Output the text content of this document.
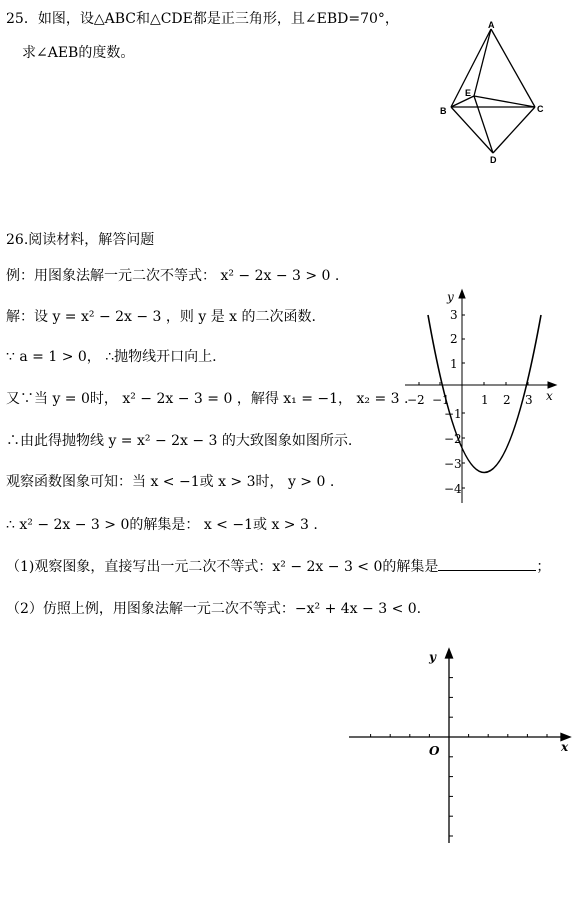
25．如图，设△ABC和△CDE都是正三角形，且∠EBD=70°，
求∠AEB的度数。
A
B	C
D
E
26.阅读材料，解答问题
例：用图象法解一元二次不等式： x² − 2x − 3 > 0 .
解：设 y = x² − 2x − 3 ，则 y 是 x 的二次函数.
∵ a = 1 > 0， ∴抛物线开口向上.
又∵当 y = 0时， x² − 2x − 3 = 0 ，解得 x₁ = −1， x₂ = 3 .
∴由此得抛物线 y = x² − 2x − 3 的大致图象如图所示.
观察函数图象可知：当 x < −1或 x > 3时， y > 0 .
∴ x² − 2x − 3 > 0的解集是： x < −1或 x > 3 .
（1)观察图象，直接写出一元二次不等式：x² − 2x − 3 < 0的解集是	；
（2）仿照上例，用图象法解一元二次不等式：−x² + 4x − 3 < 0.
y
x
−2 −1	1 2 3
3
2
1
−1
−2
−3
−4
y
x
O
